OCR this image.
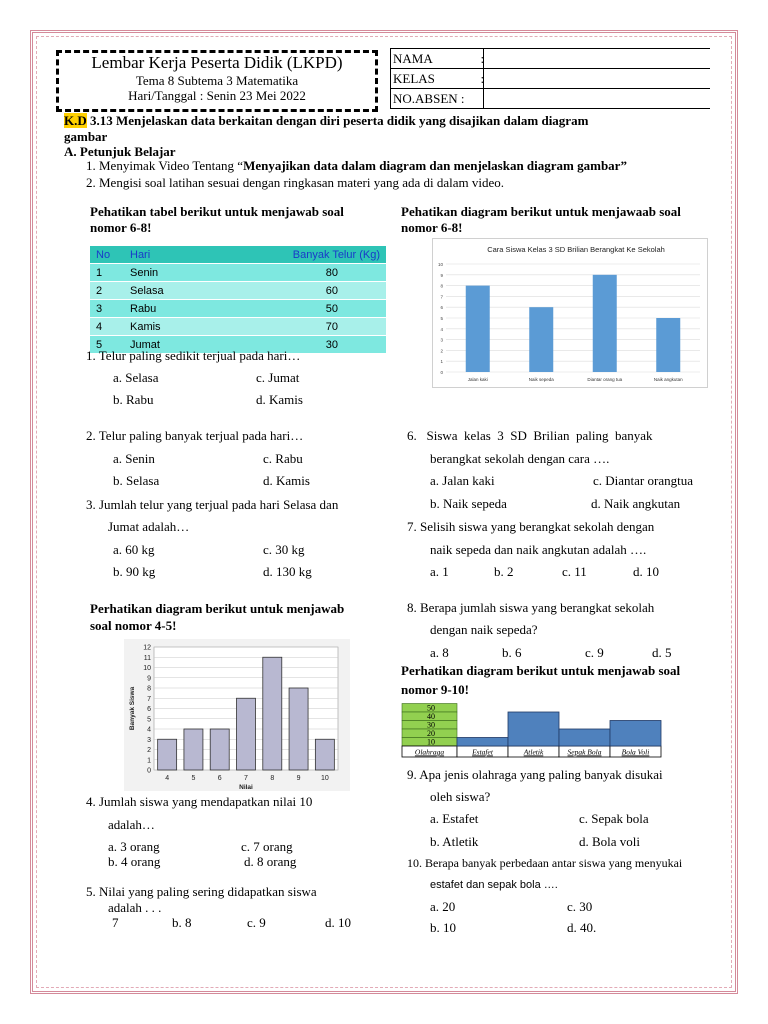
Lembar Kerja Peserta Didik (LKPD)
Tema 8 Subtema 3 Matematika
Hari/Tanggal : Senin 23 Mei 2022
NAMA :	

KELAS :	

NO.ABSEN :	
K.D 3.13 Menjelaskan data berkaitan dengan diri peserta didik yang disajikan dalam diagram
gambar
A. Petunjuk Belajar
1. Menyimak Video Tentang “Menyajikan data dalam diagram dan menjelaskan diagram gambar”
2. Mengisi soal latihan sesuai dengan ringkasan materi yang ada di dalam video.
Pehatikan tabel berikut untuk menjawab soal
nomor 6-8!
No	Hari	Banyak Telur (Kg)
1	Senin	80
2	Selasa	60
3	Rabu	50
4	Kamis	70
5	Jumat	30
1. Telur paling sedikit terjual pada hari…
a. Selasa	c. Jumat
b. Rabu	d. Kamis
2. Telur paling banyak terjual pada hari…
a. Senin	c. Rabu
b. Selasa	d. Kamis
3. Jumlah telur yang terjual pada hari Selasa dan
Jumat adalah…
a. 60 kg	c. 30 kg
b. 90 kg	d. 130 kg
Perhatikan diagram berikut untuk menjawab
soal nomor 4-5!
0
1
2
3
4
5
6
7
8
9
10
11
12
4	5	6	7	8	9	10
Nilai
Banyak Siswa
4. Jumlah siswa yang mendapatkan nilai 10
adalah…
a. 3 orang	c. 7 orang
b. 4 orang	d. 8 orang
5. Nilai yang paling sering didapatkan siswa
adalah . . .
7	b. 8	c. 9	d. 10
Pehatikan diagram berikut untuk menjawaab soal
nomor 6-8!
Cara Siswa Kelas 3 SD Brilian Berangkat Ke Sekolah
0
1
2
3
4
5
6
7
8
9
10
Jalan kaki	Naik sepeda	Diantar orang tua	Naik angkutan
6.   Siswa  kelas  3  SD  Brilian  paling  banyak
berangkat sekolah dengan cara ….
a. Jalan kaki	c. Diantar orangtua
b. Naik sepeda	d. Naik angkutan
7. Selisih siswa yang berangkat sekolah dengan
naik sepeda dan naik angkutan adalah ….
a. 1	b. 2	c. 11	d. 10
8. Berapa jumlah siswa yang berangkat sekolah
dengan naik sepeda?
a. 8	b. 6	c. 9	d. 5
Perhatikan diagram berikut untuk menjawab soal
nomor 9-10!
50
40
30
20
10
Olahraga	Estafet	Atletik	Sepak Bola	Bola Voli
9. Apa jenis olahraga yang paling banyak disukai
oleh siswa?
a. Estafet	c. Sepak bola
b. Atletik	d. Bola voli
10. Berapa banyak perbedaan antar siswa yang menyukai
estafet dan sepak bola ….
a. 20	c. 30
b. 10	d. 40.
